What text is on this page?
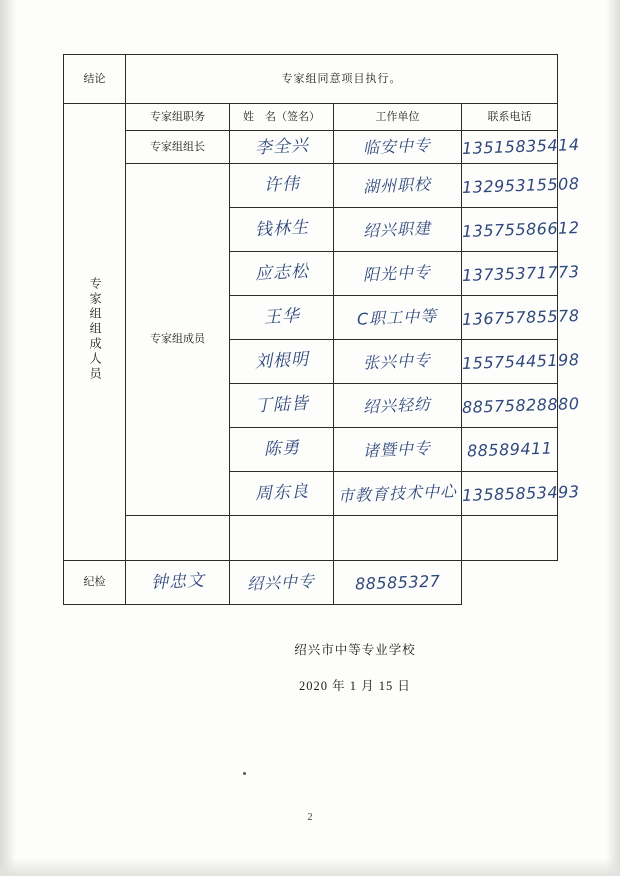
结论	专家组同意项目执行。			
专家组组成人员	专家组职务	姓　名（签名）	工作单位	联系电话
	专家组组长	李全兴	临安中专	13515835414
	专家组成员	许伟	湖州职校	13295315508
		钱林生	绍兴职建	13575586612
		应志松	阳光中专	13735371773
		王华	C职工中等	13675785578
		刘根明	张兴中专	15575445198
		丁陆皆	绍兴轻纺	88575828880
		陈勇	诸暨中专	88589411
		周东良	市教育技术中心	13585853493

纪检	钟忠文	绍兴中专	88585327	
绍兴市中等专业学校
2020 年 1 月 15 日
2
